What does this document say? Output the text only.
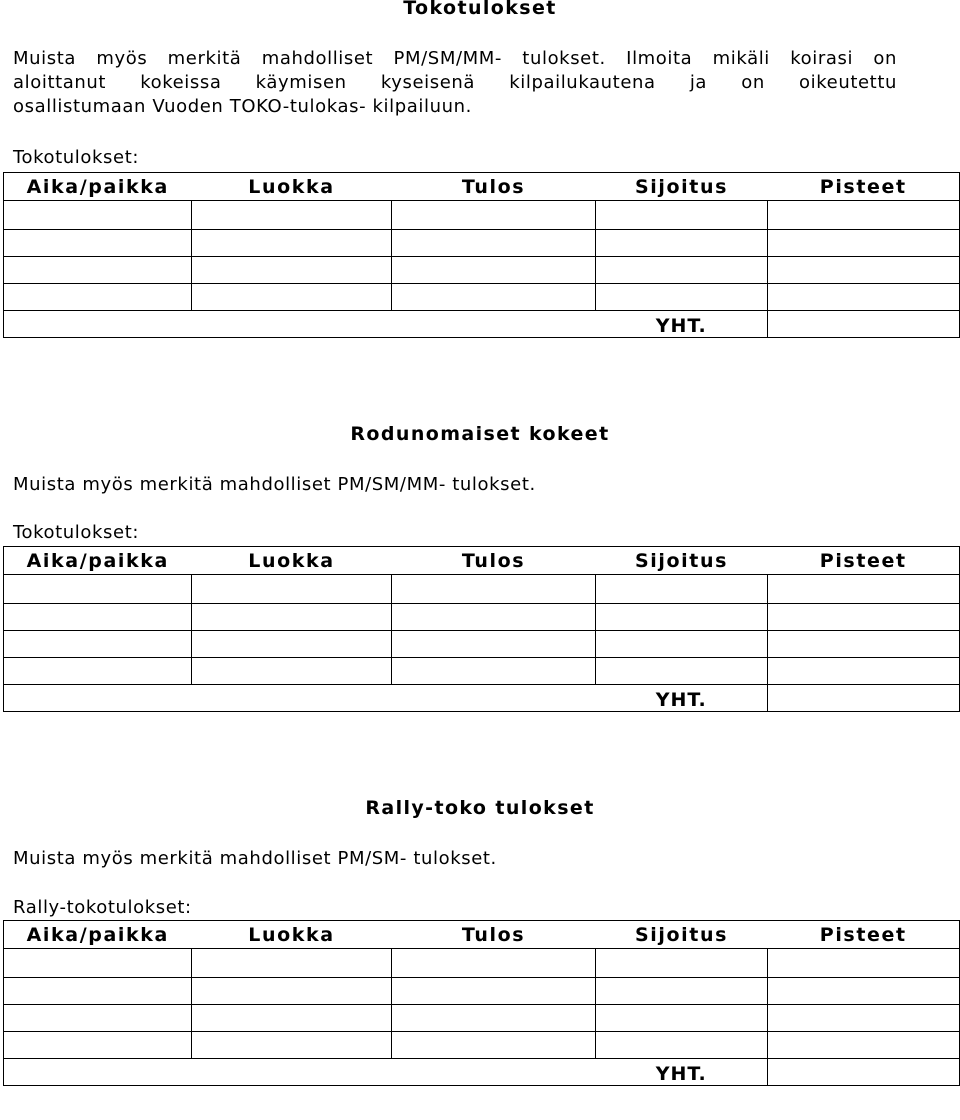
Tokotulokset
Muista myös merkitä mahdolliset PM/SM/MM- tulokset. Ilmoita mikäli koirasi on
aloittanut kokeissa käymisen kyseisenä kilpailukautena ja on oikeutettu
osallistumaan Vuoden TOKO-tulokas- kilpailuun.
Tokotulokset:
Aika/paikka	Luokka	Tulos	Sijoitus	Pisteet

			YHT.	
Rodunomaiset kokeet
Muista myös merkitä mahdolliset PM/SM/MM- tulokset.
Tokotulokset:
Aika/paikka	Luokka	Tulos	Sijoitus	Pisteet

			YHT.	
Rally-toko tulokset
Muista myös merkitä mahdolliset PM/SM- tulokset.
Rally-tokotulokset:
Aika/paikka	Luokka	Tulos	Sijoitus	Pisteet

			YHT.	
